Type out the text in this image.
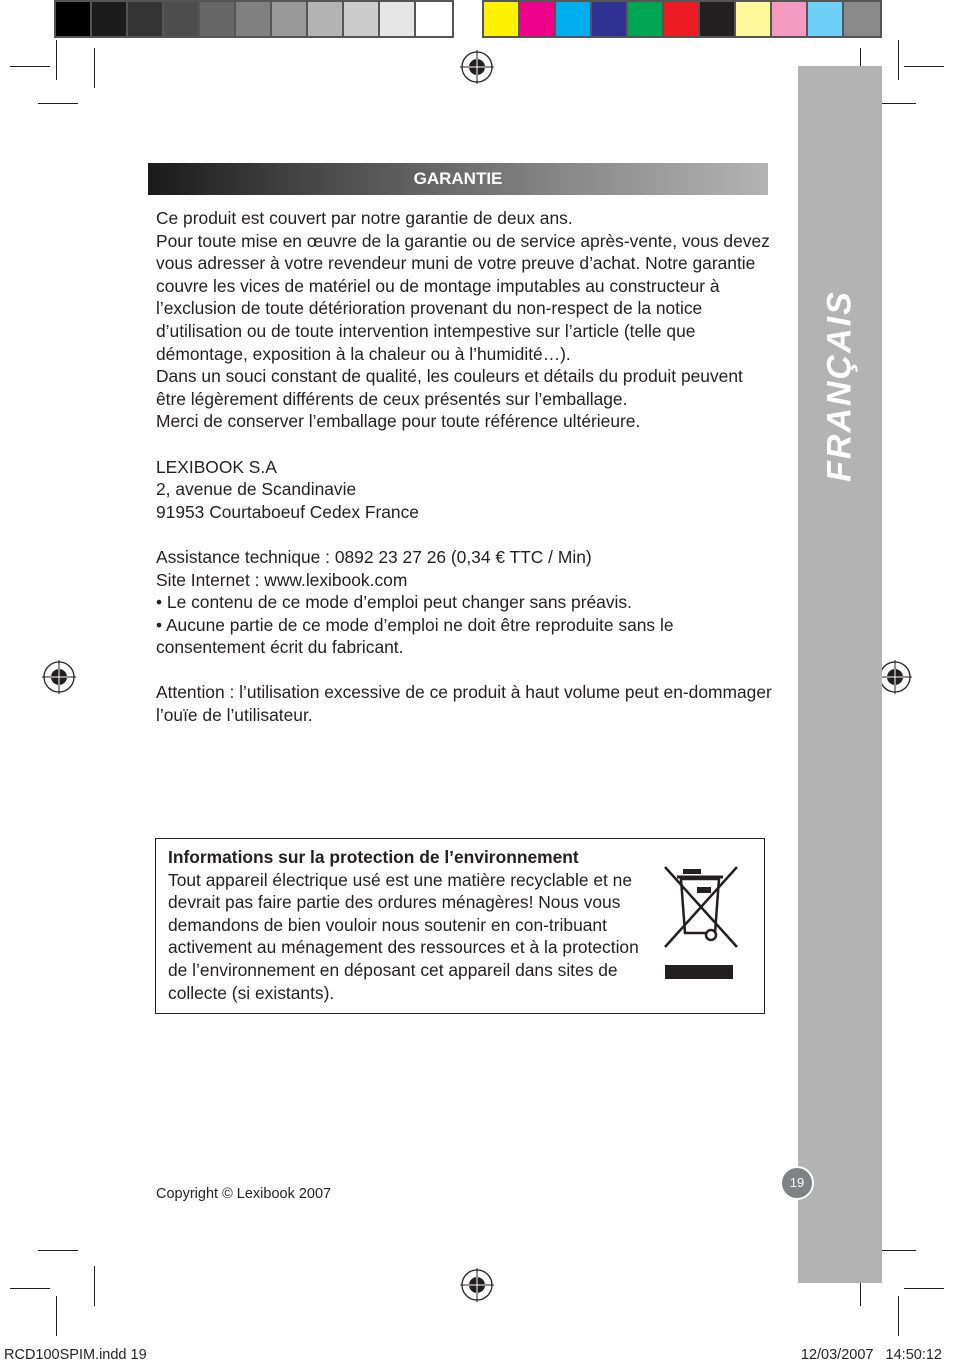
FRANÇAIS
19
GARANTIE

Ce produit est couvert par notre garantie de deux ans.
Pour toute mise en œuvre de la garantie ou de service après-vente, vous devez vous adresser à votre revendeur muni de votre preuve d’achat. Notre garantie couvre les vices de matériel ou de montage imputables au constructeur à l’exclusion de toute détérioration provenant du non-respect de la notice d’utilisation ou de toute intervention intempestive sur l’article (telle que démontage, exposition à la chaleur ou à l’humidité…).
Dans un souci constant de qualité, les couleurs et détails du produit peuvent être légèrement différents de ceux présentés sur l’emballage.
Merci de conserver l’emballage pour toute référence ultérieure.

LEXIBOOK S.A
2, avenue de Scandinavie
91953 Courtaboeuf Cedex France

Assistance technique : 0892 23 27 26 (0,34 € TTC / Min)
Site Internet : www.lexibook.com
• Le contenu de ce mode d’emploi peut changer sans préavis.
• Aucune partie de ce mode d’emploi ne doit être reproduite sans le consentement écrit du fabricant.

Attention : l’utilisation excessive de ce produit à haut volume peut en-dommager l’ouïe de l’utilisateur.

Informations sur la protection de l’environnement
Tout appareil électrique usé est une matière recyclable et ne devrait pas faire partie des ordures ménagères! Nous vous demandons de bien vouloir nous soutenir en con-tribuant activement au ménagement des ressources et à la protection de l’environnement en déposant cet appareil dans sites de collecte (si existants).
Copyright © Lexibook 2007
RCD100SPIM.indd 19	12/03/2007 14:50:12
